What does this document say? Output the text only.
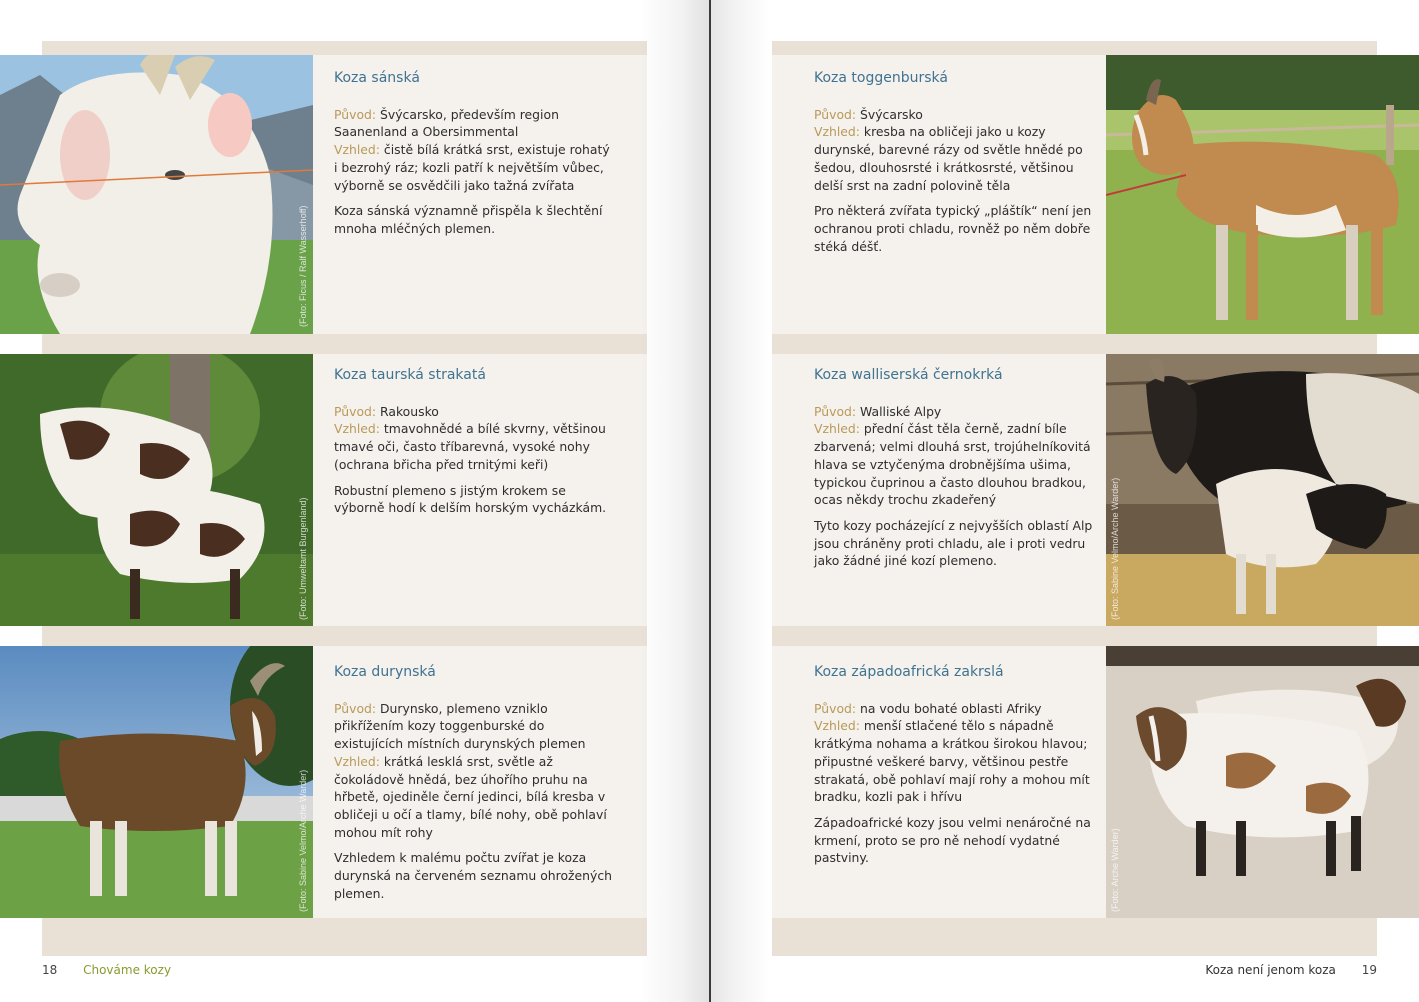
(Foto: Ficus / Ralf Wasserhoff)
(Foto: Umweltamt Burgenland)
(Foto: Sabine Velmo/Arche Warder)
Koza sánská
Původ: Švýcarsko, především region Saanenland a Obersimmental
Vzhled: čistě bílá krátká srst, existuje rohatý i bezrohý ráz; kozli patří k největším vůbec, výborně se osvědčili jako tažná zvířata
Koza sánská významně přispěla k šlechtění mnoha mléčných plemen.
Koza taurská strakatá
Původ: Rakousko
Vzhled: tmavohnědé a bílé skvrny, většinou tmavé oči, často tříbarevná, vysoké nohy (ochrana břicha před trnitými keři)
Robustní plemeno s jistým krokem se výborně hodí k delším horským vycházkám.
Koza durynská
Původ: Durynsko, plemeno vzniklo přikřížením kozy toggenburské do existujících místních durynských plemen
Vzhled: krátká lesklá srst, světle až čokoládově hnědá, bez úhořího pruhu na hřbetě, ojediněle černí jedinci, bílá kresba v obličeji u očí a tlamy, bílé nohy, obě pohlaví mohou mít rohy
Vzhledem k malému počtu zvířat je koza durynská na červeném seznamu ohrožených plemen.
18 Chováme kozy
(Foto: Sabine Velmo/Arche Warder)
(Foto: Arche Warder)
Koza toggenburská
Původ: Švýcarsko
Vzhled: kresba na obličeji jako u kozy durynské, barevné rázy od světle hnědé po šedou, dlouhosrsté i krátkosrsté, většinou delší srst na zadní polovině těla
Pro některá zvířata typický „pláštík“ není jen ochranou proti chladu, rovněž po něm dobře stéká déšť.
Koza walliserská černokrká
Původ: Walliské Alpy
Vzhled: přední část těla černě, zadní bíle zbarvená; velmi dlouhá srst, trojúhelníkovitá hlava se vztyčenýma drobnějšíma ušima, typickou čuprinou a často dlouhou bradkou, ocas někdy trochu zkadeřený
Tyto kozy pocházející z nejvyšších oblastí Alp jsou chráněny proti chladu, ale i proti vedru jako žádné jiné kozí plemeno.
Koza západoafrická zakrslá
Původ: na vodu bohaté oblasti Afriky
Vzhled: menší stlačené tělo s nápadně krátkýma nohama a krátkou širokou hlavou; připustné veškeré barvy, většinou pestře strakatá, obě pohlaví mají rohy a mohou mít bradku, kozli pak i hřívu
Západoafrické kozy jsou velmi nenáročné na krmení, proto se pro ně nehodí vydatné pastviny.
Koza není jenom koza 19
